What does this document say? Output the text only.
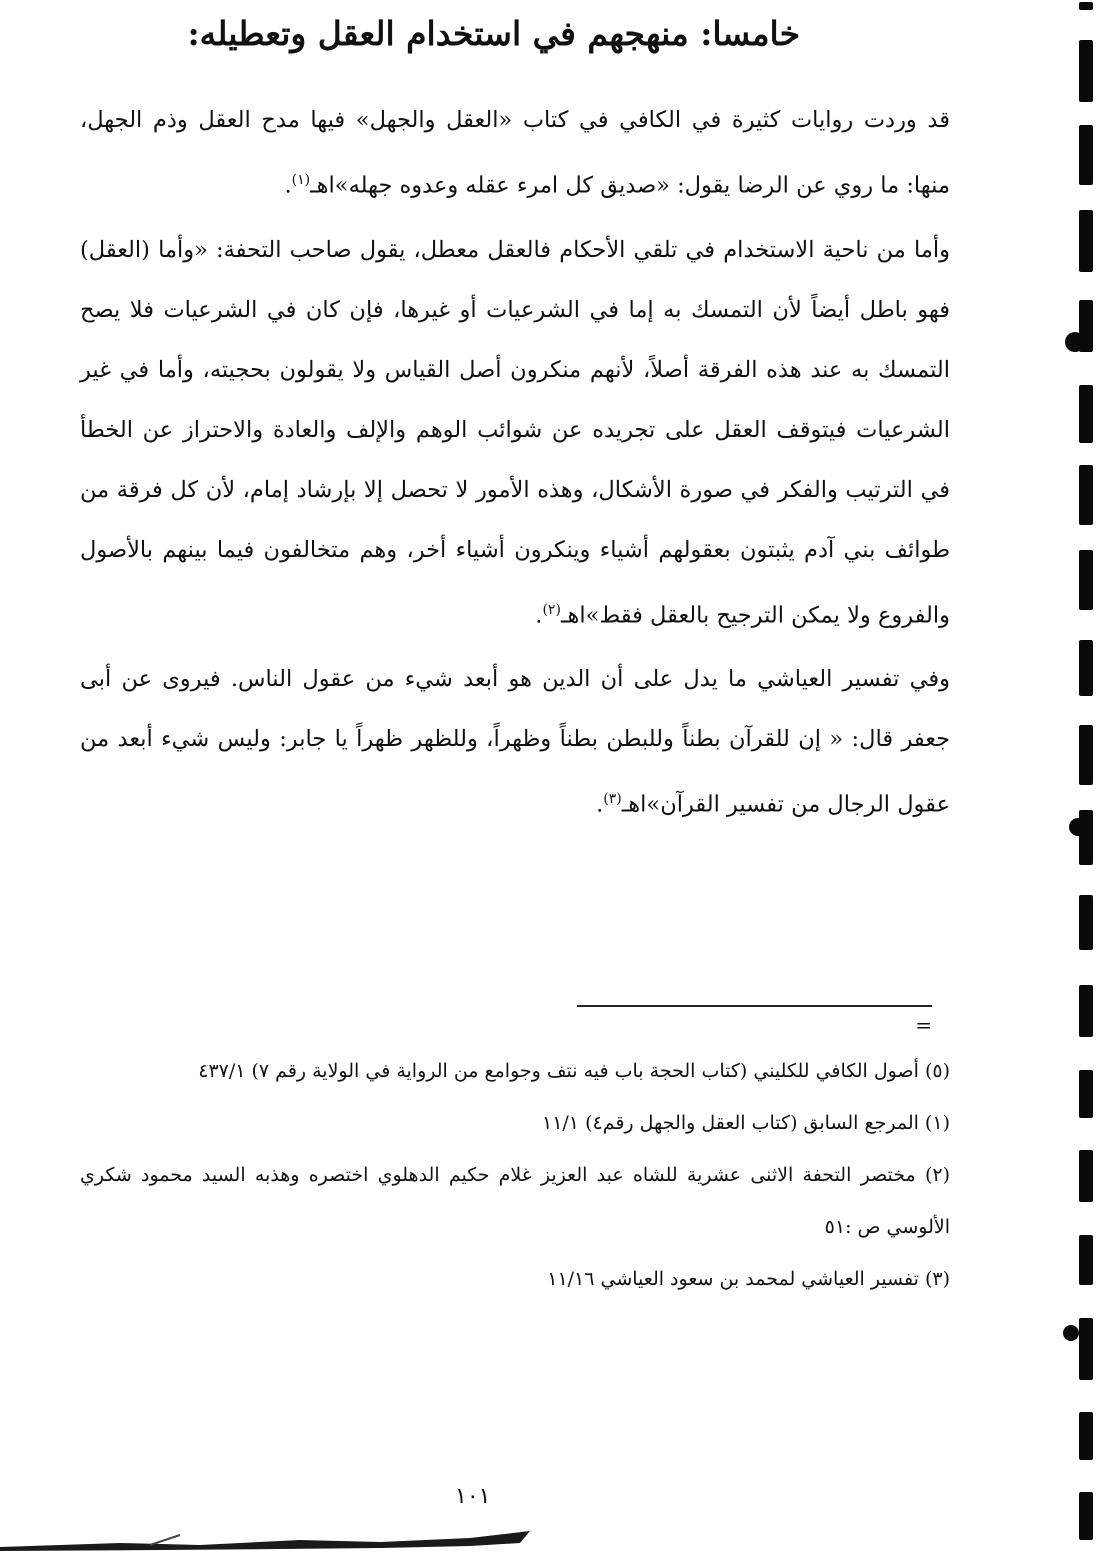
خامسا: منهجهم في استخدام العقل وتعطيله:

قد وردت روايات كثيرة في الكافي في كتاب «العقل والجهل» فيها مدح العقل وذم الجهل، منها: ما روي عن الرضا يقول: «صديق كل امرء عقله وعدوه جهله»اهـ$^{(١)}$.

وأما من ناحية الاستخدام في تلقي الأحكام فالعقل معطل، يقول صاحب التحفة: «وأما (العقل) فهو باطل أيضاً لأن التمسك به إما في الشرعيات أو غيرها، فإن كان في الشرعيات فلا يصح التمسك به عند هذه الفرقة أصلاً، لأنهم منكرون أصل القياس ولا يقولون بحجيته، وأما في غير الشرعيات فيتوقف العقل على تجريده عن شوائب الوهم والإلف والعادة والاحتراز عن الخطأ في الترتيب والفكر في صورة الأشكال، وهذه الأمور لا تحصل إلا بإرشاد إمام، لأن كل فرقة من طوائف بني آدم يثبتون بعقولهم أشياء وينكرون أشياء أخر، وهم متخالفون فيما بينهم بالأصول والفروع ولا يمكن الترجيح بالعقل فقط»اهـ$^{(٢)}$.

وفي تفسير العياشي ما يدل على أن الدين هو أبعد شيء من عقول الناس. فيروى عن أبى جعفر قال: « إن للقرآن بطناً وللبطن بطناً وظهراً، وللظهر ظهراً يا جابر: وليس شيء أبعد من عقول الرجال من تفسير القرآن»اهـ$^{(٣)}$.

=

(٥) أصول الكافي للكليني (كتاب الحجة باب فيه نتف وجوامع من الرواية في الولاية رقم ٧) ٤٣٧/١

(١) المرجع السابق (كتاب العقل والجهل رقم٤) ١١/١

(٢) مختصر التحفة الاثنى عشرية للشاه عبد العزيز غلام حكيم الدهلوي اختصره وهذبه السيد محمود شكري الألوسي ص :٥١

(٣) تفسير العياشي لمحمد بن سعود العياشي ١١/١٦

١٠١
